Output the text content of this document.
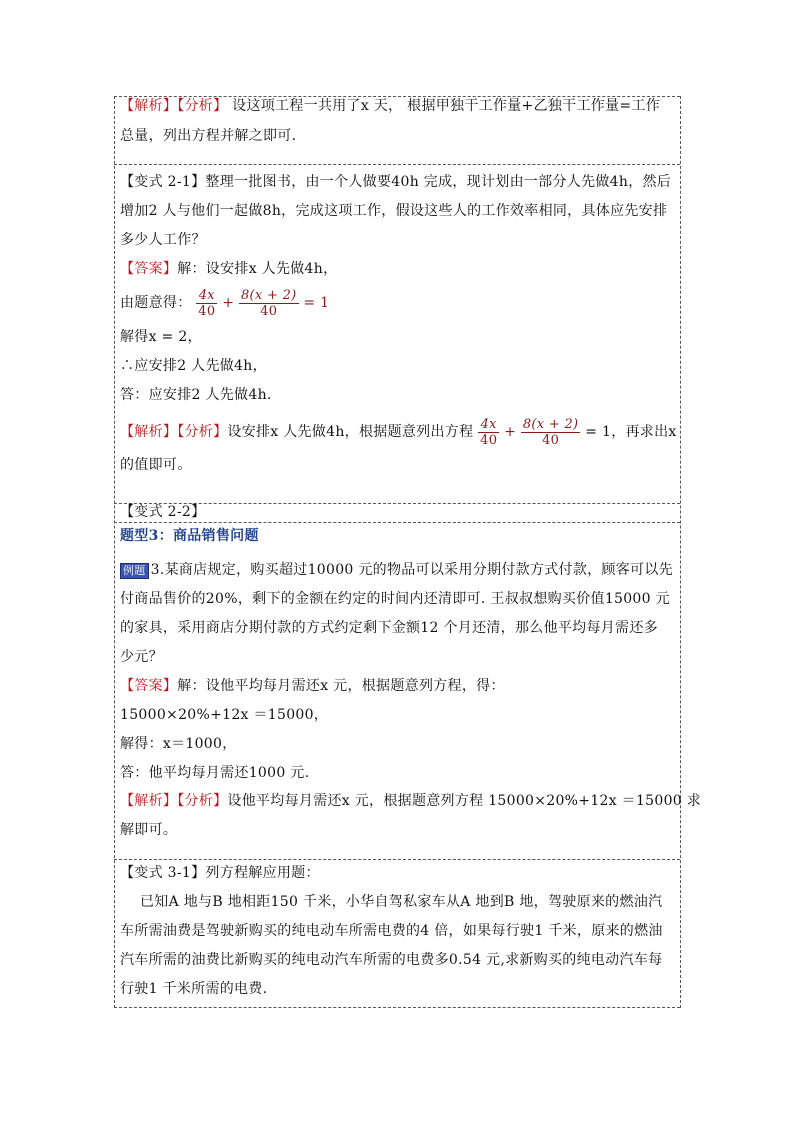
【解析】【分析】 设这项工程一共用了x 天， 根据甲独干工作量+乙独干工作量=工作
总量，列出方程并解之即可.
【变式 2-1】整理一批图书，由一个人做要40h 完成，现计划由一部分人先做4h，然后
增加2 人与他们一起做8h，完成这项工作，假设这些人的工作效率相同，具体应先安排
多少人工作？
【答案】解：设安排x 人先做4h，
由题意得： $\frac{4x}{40} + \frac{8(x + 2)}{40} = 1$
解得x = 2，
∴应安排2 人先做4h，
答：应安排2 人先做4h.
【解析】【分析】设安排x 人先做4h，根据题意列出方程 $\frac{4x}{40} + \frac{8(x + 2)}{40} = 1$，再求出x
的值即可。
【变式 2-2】
题型3：商品销售问题
例题 3.某商店规定，购买超过10000 元的物品可以采用分期付款方式付款，顾客可以先
付商品售价的20%，剩下的金额在约定的时间内还清即可. 王叔叔想购买价值15000 元
的家具，采用商店分期付款的方式约定剩下金额12 个月还清，那么他平均每月需还多
少元？
【答案】解：设他平均每月需还x 元，根据题意列方程，得：
15000×20%+12x ＝15000，
解得：x＝1000，
答：他平均每月需还1000 元.
【解析】【分析】设他平均每月需还x 元，根据题意列方程 15000×20%+12x ＝15000 求
解即可。
【变式 3-1】列方程解应用题：
已知A 地与B 地相距150 千米，小华自驾私家车从A 地到B 地，驾驶原来的燃油汽
车所需油费是驾驶新购买的纯电动车所需电费的4 倍，如果每行驶1 千米，原来的燃油
汽车所需的油费比新购买的纯电动汽车所需的电费多0.54 元,求新购买的纯电动汽车每
行驶1 千米所需的电费.
